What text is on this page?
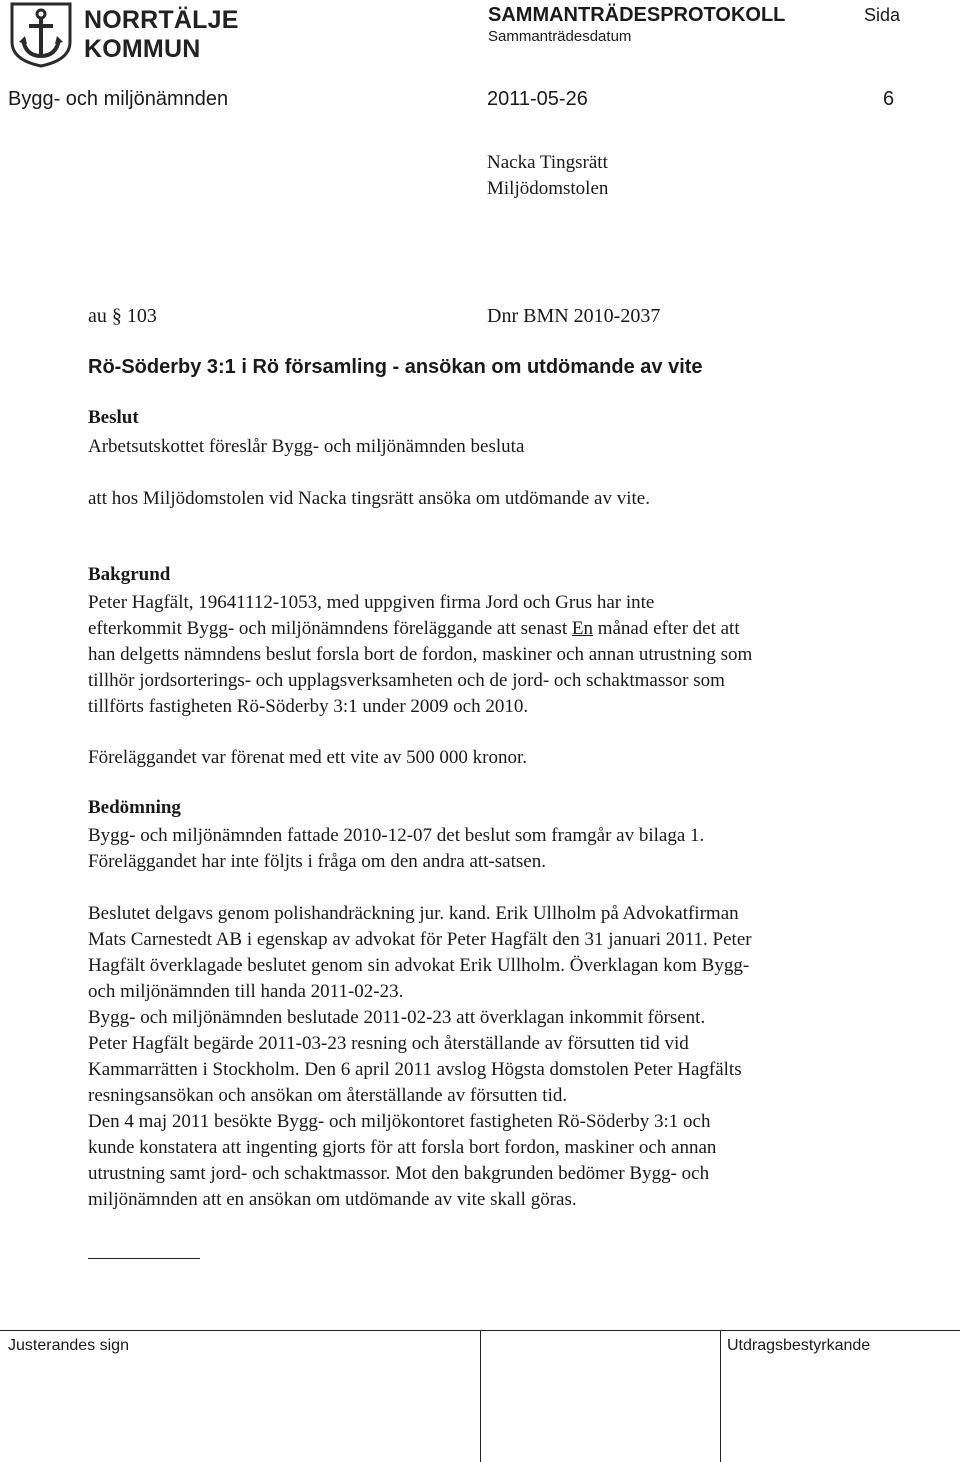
NORRTÄLJE
KOMMUN
SAMMANTRÄDESPROTOKOLL	Sida
Sammanträdesdatum
Bygg- och miljönämnden	2011-05-26	6
Nacka Tingsrätt
Miljödomstolen
au § 103	Dnr BMN 2010-2037
Rö-Söderby 3:1 i Rö församling - ansökan om utdömande av vite
Beslut
Arbetsutskottet föreslår Bygg- och miljönämnden besluta
att hos Miljödomstolen vid Nacka tingsrätt ansöka om utdömande av vite.
Bakgrund
Peter Hagfält, 19641112-1053, med uppgiven firma Jord och Grus har inte
efterkommit Bygg- och miljönämndens föreläggande att senast En månad efter det att
han delgetts nämndens beslut forsla bort de fordon, maskiner och annan utrustning som
tillhör jordsorterings- och upplagsverksamheten och de jord- och schaktmassor som
tillförts fastigheten Rö-Söderby 3:1 under 2009 och 2010.
Föreläggandet var förenat med ett vite av 500 000 kronor.
Bedömning
Bygg- och miljönämnden fattade 2010-12-07 det beslut som framgår av bilaga 1.
Föreläggandet har inte följts i fråga om den andra att-satsen.
Beslutet delgavs genom polishandräckning jur. kand. Erik Ullholm på Advokatfirman
Mats Carnestedt AB i egenskap av advokat för Peter Hagfält den 31 januari 2011. Peter
Hagfält överklagade beslutet genom sin advokat Erik Ullholm. Överklagan kom Bygg-
och miljönämnden till handa 2011-02-23.
Bygg- och miljönämnden beslutade 2011-02-23 att överklagan inkommit försent.
Peter Hagfält begärde 2011-03-23 resning och återställande av försutten tid vid
Kammarrätten i Stockholm. Den 6 april 2011 avslog Högsta domstolen Peter Hagfälts
resningsansökan och ansökan om återställande av försutten tid.
Den 4 maj 2011 besökte Bygg- och miljökontoret fastigheten Rö-Söderby 3:1 och
kunde konstatera att ingenting gjorts för att forsla bort fordon, maskiner och annan
utrustning samt jord- och schaktmassor. Mot den bakgrunden bedömer Bygg- och
miljönämnden att en ansökan om utdömande av vite skall göras.
Justerandes sign	Utdragsbestyrkande
